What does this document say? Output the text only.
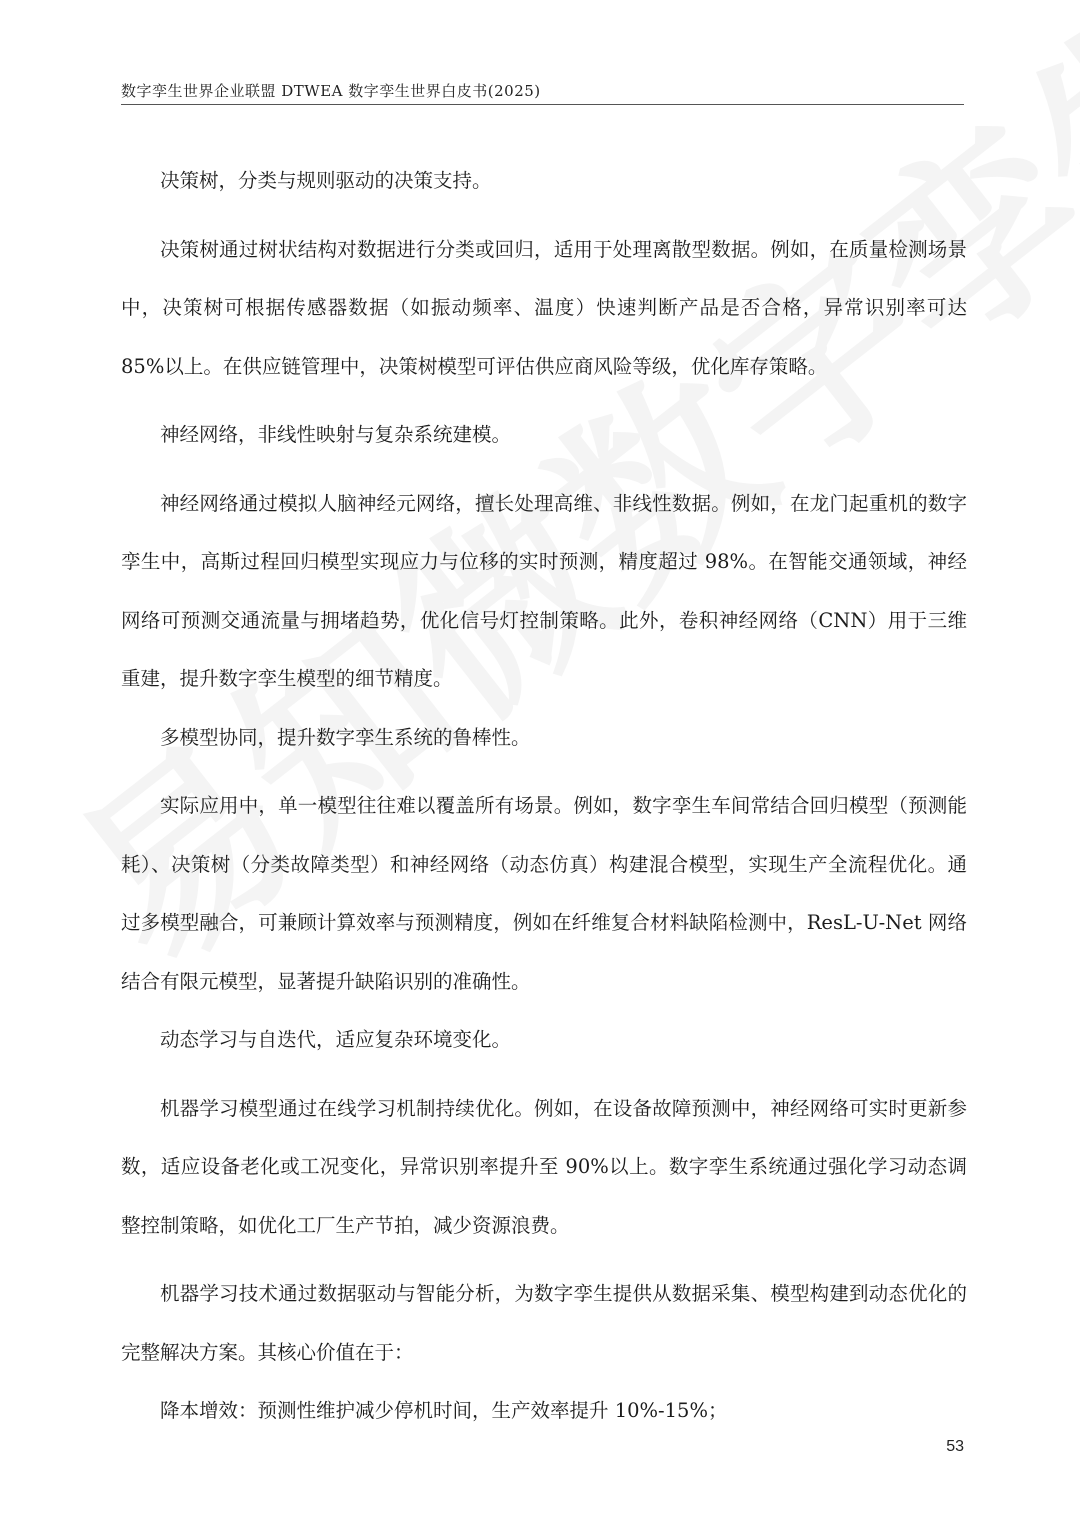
数字孪生世界企业联盟 DTWEA 数字孪生世界白皮书(2025)

决策树，分类与规则驱动的决策支持。

决策树通过树状结构对数据进行分类或回归，适用于处理离散型数据。例如，在质量检测场景中，决策树可根据传感器数据（如振动频率、温度）快速判断产品是否合格，异常识别率可达 85%以上。在供应链管理中，决策树模型可评估供应商风险等级，优化库存策略。

神经网络，非线性映射与复杂系统建模。

神经网络通过模拟人脑神经元网络，擅长处理高维、非线性数据。例如，在龙门起重机的数字孪生中，高斯过程回归模型实现应力与位移的实时预测，精度超过 98%。在智能交通领域，神经网络可预测交通流量与拥堵趋势，优化信号灯控制策略。此外，卷积神经网络（CNN）用于三维重建，提升数字孪生模型的细节精度。

多模型协同，提升数字孪生系统的鲁棒性。

实际应用中，单一模型往往难以覆盖所有场景。例如，数字孪生车间常结合回归模型（预测能耗）、决策树（分类故障类型）和神经网络（动态仿真）构建混合模型，实现生产全流程优化。通过多模型融合，可兼顾计算效率与预测精度，例如在纤维复合材料缺陷检测中，ResL-U-Net 网络结合有限元模型，显著提升缺陷识别的准确性。

动态学习与自迭代，适应复杂环境变化。

机器学习模型通过在线学习机制持续优化。例如，在设备故障预测中，神经网络可实时更新参数，适应设备老化或工况变化，异常识别率提升至 90%以上。数字孪生系统通过强化学习动态调整控制策略，如优化工厂生产节拍，减少资源浪费。

机器学习技术通过数据驱动与智能分析，为数字孪生提供从数据采集、模型构建到动态优化的完整解决方案。其核心价值在于：

降本增效：预测性维护减少停机时间，生产效率提升 10%-15%；

53
